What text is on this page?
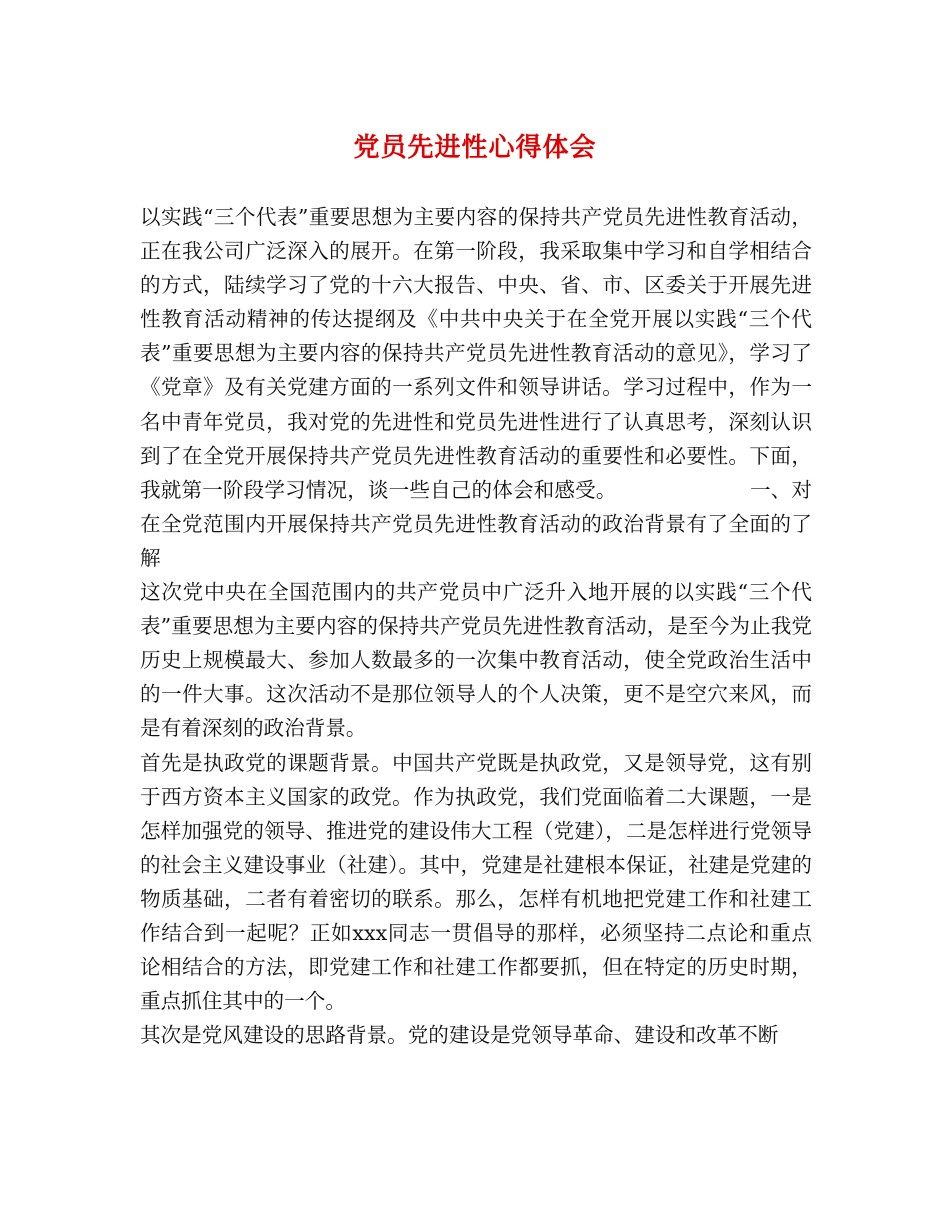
党员先进性心得体会

以实践“三个代表”重要思想为主要内容的保持共产党员先进性教育活动，正在我公司广泛深入的展开。在第一阶段，我采取集中学习和自学相结合的方式，陆续学习了党的十六大报告、中央、省、市、区委关于开展先进性教育活动精神的传达提纲及《中共中央关于在全党开展以实践“三个代表”重要思想为主要内容的保持共产党员先进性教育活动的意见》，学习了《党章》及有关党建方面的一系列文件和领导讲话。学习过程中，作为一名中青年党员，我对党的先进性和党员先进性进行了认真思考，深刻认识到了在全党开展保持共产党员先进性教育活动的重要性和必要性。下面，我就第一阶段学习情况，谈一些自己的体会和感受。                    一、对在全党范围内开展保持共产党员先进性教育活动的政治背景有了全面的了解

这次党中央在全国范围内的共产党员中广泛升入地开展的以实践“三个代表”重要思想为主要内容的保持共产党员先进性教育活动，是至今为止我党历史上规模最大、参加人数最多的一次集中教育活动，使全党政治生活中的一件大事。这次活动不是那位领导人的个人决策，更不是空穴来风，而是有着深刻的政治背景。

首先是执政党的课题背景。中国共产党既是执政党，又是领导党，这有别于西方资本主义国家的政党。作为执政党，我们党面临着二大课题，一是怎样加强党的领导、推进党的建设伟大工程（党建），二是怎样进行党领导的社会主义建设事业（社建）。其中，党建是社建根本保证，社建是党建的物质基础，二者有着密切的联系。那么，怎样有机地把党建工作和社建工作结合到一起呢？正如xxx同志一贯倡导的那样，必须坚持二点论和重点论相结合的方法，即党建工作和社建工作都要抓，但在特定的历史时期，重点抓住其中的一个。

其次是党风建设的思路背景。党的建设是党领导革命、建设和改革不断
